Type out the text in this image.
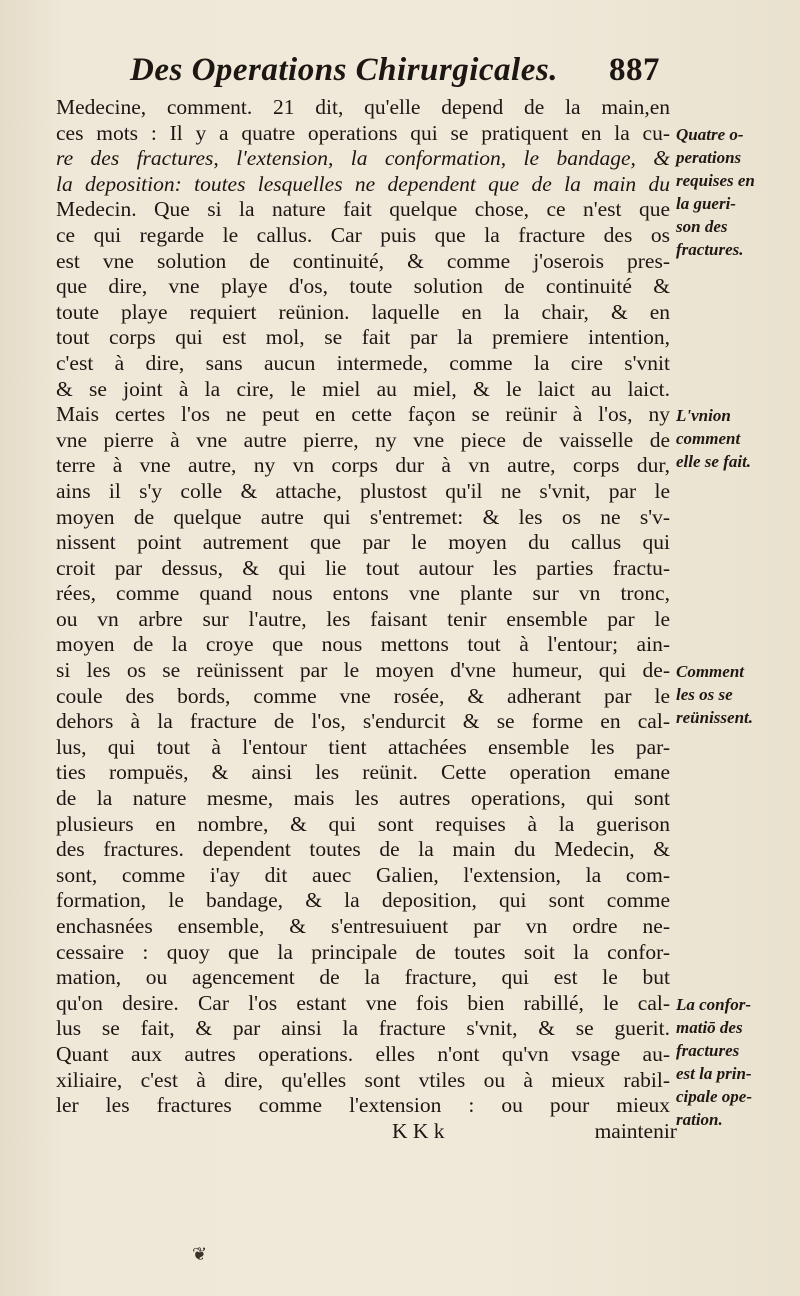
Des Operations Chirurgicales. 887
Medecine, comment. 21 dit, qu'elle depend de la main,en
ces mots : Il y a quatre operations qui se pratiquent en la cu-
re des fractures, l'extension, la conformation, le bandage, &
la deposition: toutes lesquelles ne dependent que de la main du
Medecin. Que si la nature fait quelque chose, ce n'est que
ce qui regarde le callus. Car puis que la fracture des os
est vne solution de continuité, & comme j'oserois pres-
que dire, vne playe d'os, toute solution de continuité &
toute playe requiert reünion. laquelle en la chair, & en
tout corps qui est mol, se fait par la premiere intention,
c'est à dire, sans aucun intermede, comme la cire s'vnit
& se joint à la cire, le miel au miel, & le laict au laict.
Mais certes l'os ne peut en cette façon se reünir à l'os, ny
vne pierre à vne autre pierre, ny vne piece de vaisselle de
terre à vne autre, ny vn corps dur à vn autre, corps dur,
ains il s'y colle & attache, plustost qu'il ne s'vnit, par le
moyen de quelque autre qui s'entremet: & les os ne s'v-
nissent point autrement que par le moyen du callus qui
croit par dessus, & qui lie tout autour les parties fractu-
rées, comme quand nous entons vne plante sur vn tronc,
ou vn arbre sur l'autre, les faisant tenir ensemble par le
moyen de la croye que nous mettons tout à l'entour; ain-
si les os se reünissent par le moyen d'vne humeur, qui de-
coule des bords, comme vne rosée, & adherant par le
dehors à la fracture de l'os, s'endurcit & se forme en cal-
lus, qui tout à l'entour tient attachées ensemble les par-
ties rompuës, & ainsi les reünit. Cette operation emane
de la nature mesme, mais les autres operations, qui sont
plusieurs en nombre, & qui sont requises à la guerison
des fractures. dependent toutes de la main du Medecin, &
sont, comme i'ay dit auec Galien, l'extension, la com-
formation, le bandage, & la deposition, qui sont comme
enchasnées ensemble, & s'entresuiuent par vn ordre ne-
cessaire : quoy que la principale de toutes soit la confor-
mation, ou agencement de la fracture, qui est le but
qu'on desire. Car l'os estant vne fois bien rabillé, le cal-
lus se fait, & par ainsi la fracture s'vnit, & se guerit.
Quant aux autres operations. elles n'ont qu'vn vsage au-
xiliaire, c'est à dire, qu'elles sont vtiles ou à mieux rabil-
ler les fractures comme l'extension : ou pour mieux
K K k	maintenir
Quatre o-
perations
requises en
la gueri-
son des
fractures.
L'vnion
comment
elle se fait.
Comment
les os se
reünissent.
La confor-
matiō des
fractures
est la prin-
cipale ope-
ration.
❦
